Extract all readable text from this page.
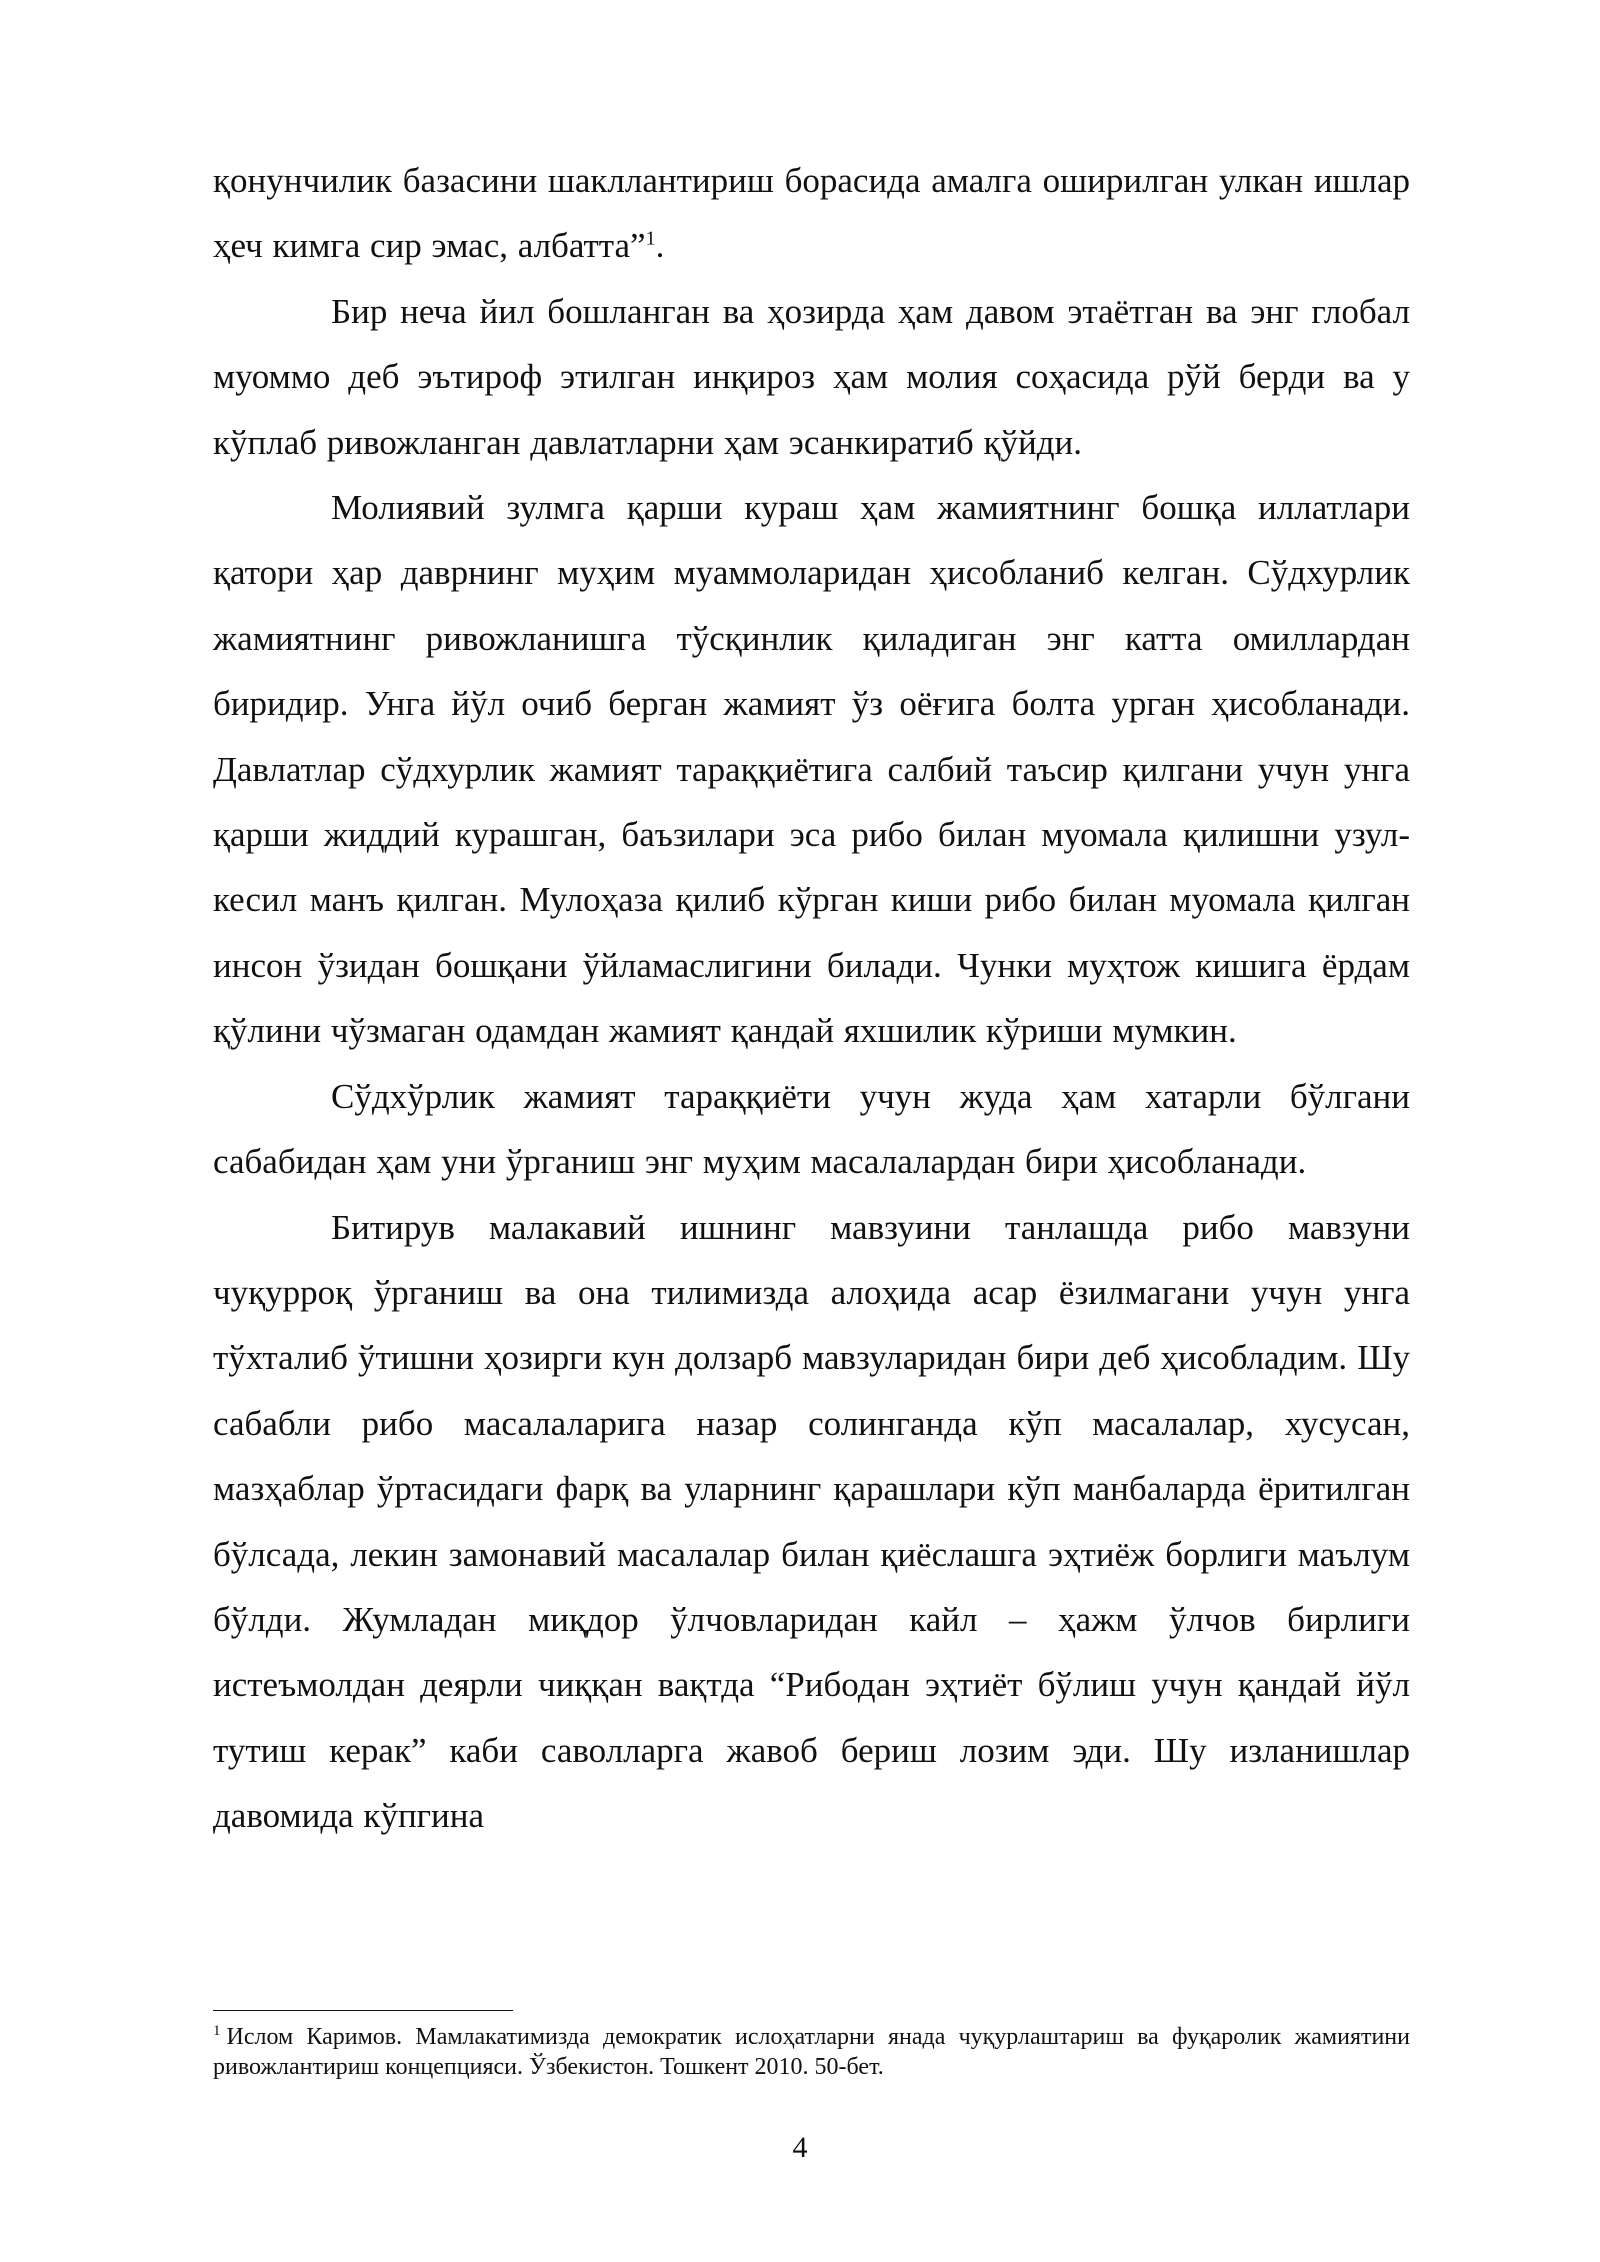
қонунчилик базасини шакллантириш борасида амалга оширилган улкан ишлар ҳеч кимга сир эмас, албатта”$^1$.

Бир неча йил бошланган ва ҳозирда ҳам давом этаётган ва энг глобал муоммо деб эътироф этилган инқироз ҳам молия соҳасида рўй берди ва у кўплаб ривожланган давлатларни ҳам эсанкиратиб қўйди.

Молиявий зулмга қарши кураш ҳам жамиятнинг бошқа иллатлари қатори ҳар даврнинг муҳим муаммоларидан ҳисобланиб келган. Сўдхурлик жамиятнинг ривожланишга тўсқинлик қиладиган энг катта омиллардан биридир. Унга йўл очиб берган жамият ўз оёғига болта урган ҳисобланади. Давлатлар сўдхурлик жамият тараққиётига салбий таъсир қилгани учун унга қарши жиддий курашган, баъзилари эса рибо билан муомала қилишни узул-кесил манъ қилган. Мулоҳаза қилиб кўрган киши рибо билан муомала қилган инсон ўзидан бошқани ўйламаслигини билади. Чунки муҳтож кишига ёрдам қўлини чўзмаган одамдан жамият қандай яхшилик кўриши мумкин.

Сўдхўрлик жамият тараққиёти учун жуда ҳам хатарли бўлгани сабабидан ҳам уни ўрганиш энг муҳим масалалардан бири ҳисобланади.

Битирув малакавий ишнинг мавзуини танлашда рибо мавзуни чуқурроқ ўрганиш ва она тилимизда алоҳида асар ёзилмагани учун унга тўхталиб ўтишни ҳозирги кун долзарб мавзуларидан бири деб ҳисобладим. Шу сабабли рибо масалаларига назар солинганда кўп масалалар, хусусан, мазҳаблар ўртасидаги фарқ ва уларнинг қарашлари кўп манбаларда ёритилган бўлсада, лекин замонавий масалалар билан қиёслашга эҳтиёж борлиги маълум бўлди. Жумладан миқдор ўлчовларидан кайл – ҳажм ўлчов бирлиги истеъмолдан деярли чиққан вақтда “Рибодан эҳтиёт бўлиш учун қандай йўл тутиш керак” каби саволларга жавоб бериш лозим эди. Шу изланишлар давомида кўпгина

$^1$ Ислом Каримов. Мамлакатимизда демократик ислоҳатларни янада чуқурлаштариш ва фуқаролик жамиятини ривожлантириш концепцияси. Ўзбекистон. Тошкент 2010. 50-бет.

4
